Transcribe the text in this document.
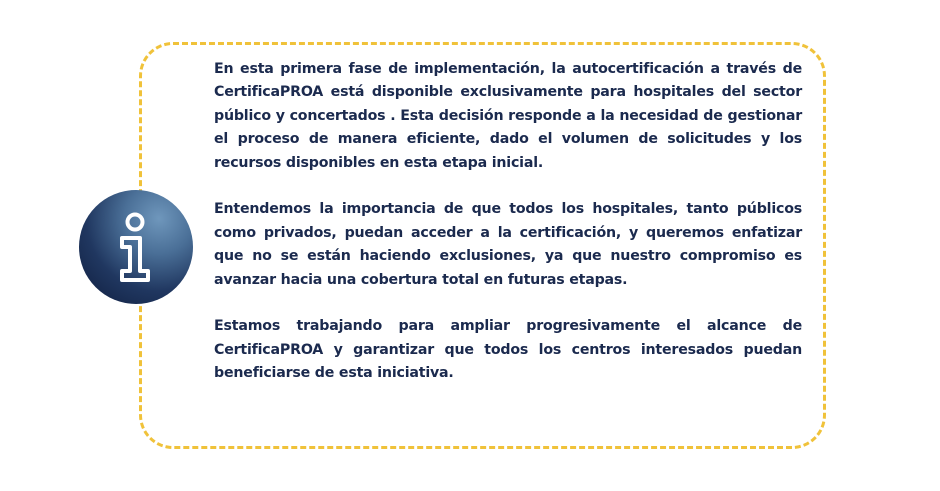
En esta primera fase de implementación, la autocertificación a través de CertificaPROA está disponible exclusivamente para hospitales del sector público y concertados . Esta decisión responde a la necesidad de gestionar el proceso de manera eficiente, dado el volumen de solicitudes y los recursos disponibles en esta etapa inicial.

Entendemos la importancia de que todos los hospitales, tanto públicos como privados, puedan acceder a la certificación, y queremos enfatizar que no se están haciendo exclusiones, ya que nuestro compromiso es avanzar hacia una cobertura total en futuras etapas.

Estamos trabajando para ampliar progresivamente el alcance de CertificaPROA y garantizar que todos los centros interesados puedan beneficiarse de esta iniciativa.
